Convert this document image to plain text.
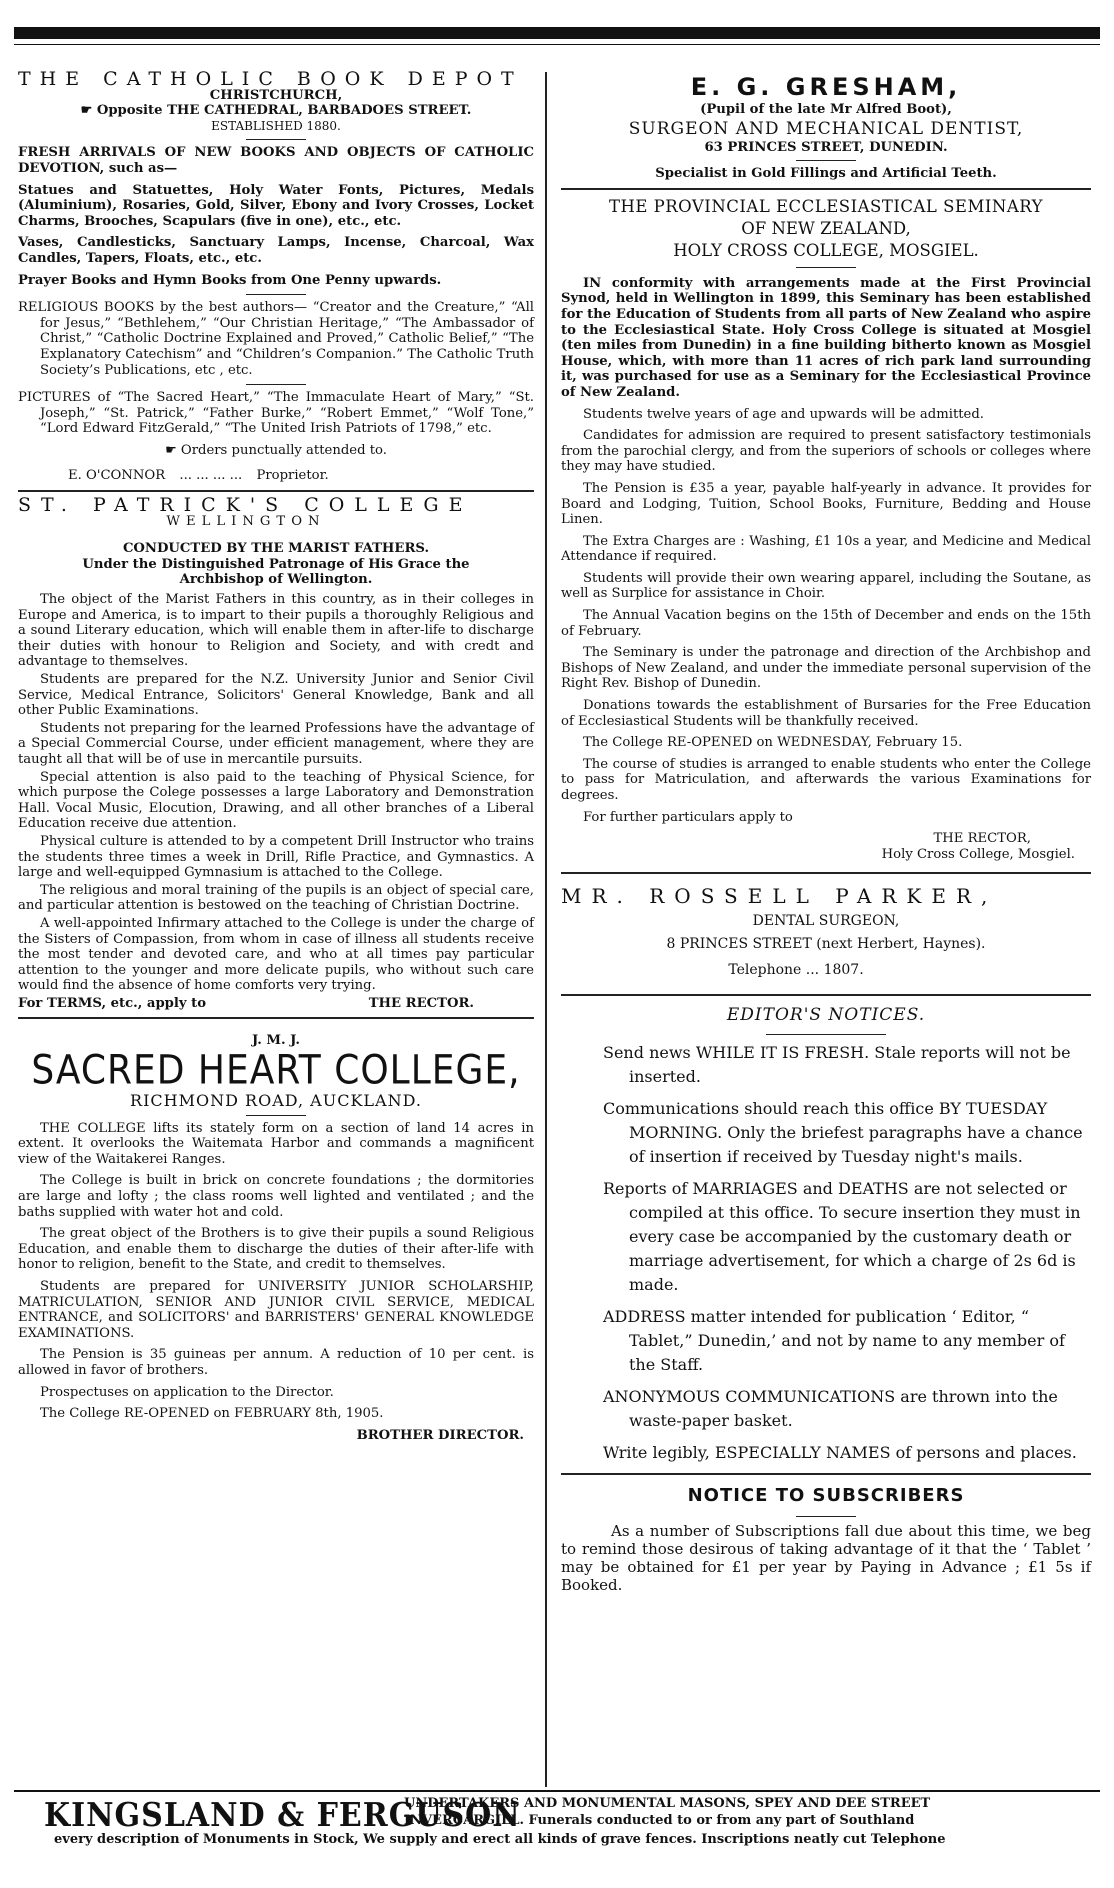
THE CATHOLIC BOOK DEPOT
CHRISTCHURCH,
☛ Opposite THE CATHEDRAL, BARBADOES STREET.
ESTABLISHED 1880.

FRESH ARRIVALS OF NEW BOOKS AND OBJECTS OF CATHOLIC DEVOTION, such as—

Statues and Statuettes, Holy Water Fonts, Pictures, Medals (Aluminium), Rosaries, Gold, Silver, Ebony and Ivory Crosses, Locket Charms, Brooches, Scapulars (five in one), etc., etc.

Vases, Candlesticks, Sanctuary Lamps, Incense, Charcoal, Wax Candles, Tapers, Floats, etc., etc.

Prayer Books and Hymn Books from One Penny upwards.

RELIGIOUS BOOKS by the best authors— “Creator and the Creature,” “All for Jesus,” “Bethlehem,” “Our Christian Heritage,” “The Ambassador of Christ,” “Catholic Doctrine Explained and Proved,” Catholic Belief,” “The Explanatory Catechism” and “Children’s Companion.” The Catholic Truth Society’s Publications, etc , etc.

PICTURES of “The Sacred Heart,” “The Immaculate Heart of Mary,” “St. Joseph,” “St. Patrick,” “Father Burke,” “Robert Emmet,” “Wolf Tone,” “Lord Edward FitzGerald,” “The United Irish Patriots of 1798,” etc.

☛ Orders punctually attended to.
E. O'CONNOR ... ... ... ... Proprietor.
ST. PATRICK'S COLLEGE
WELLINGTON
CONDUCTED BY THE MARIST FATHERS.

Under the Distinguished Patronage of His Grace the Archbishop of Wellington.

The object of the Marist Fathers in this country, as in their colleges in Europe and America, is to impart to their pupils a thoroughly Religious and a sound Literary education, which will enable them in after-life to discharge their duties with honour to Religion and Society, and with credt and advantage to themselves.

Students are prepared for the N.Z. University Junior and Senior Civil Service, Medical Entrance, Solicitors' General Knowledge, Bank and all other Public Examinations.

Students not preparing for the learned Professions have the advantage of a Special Commercial Course, under efficient management, where they are taught all that will be of use in mercantile pursuits.

Special attention is also paid to the teaching of Physical Science, for which purpose the Colege possesses a large Laboratory and Demonstration Hall. Vocal Music, Elocution, Drawing, and all other branches of a Liberal Education receive due attention.

Physical culture is attended to by a competent Drill Instructor who trains the students three times a week in Drill, Rifle Practice, and Gymnastics. A large and well-equipped Gymnasium is attached to the College.

The religious and moral training of the pupils is an object of special care, and particular attention is bestowed on the teaching of Christian Doctrine.

A well-appointed Infirmary attached to the College is under the charge of the Sisters of Compassion, from whom in case of illness all students receive the most tender and devoted care, and who at all times pay particular attention to the younger and more delicate pupils, who without such care would find the absence of home comforts very trying.

For TERMS, etc., apply to	THE RECTOR.
J. M. J.
SACRED HEART COLLEGE,
RICHMOND ROAD, AUCKLAND.

THE COLLEGE lifts its stately form on a section of land 14 acres in extent. It overlooks the Waitemata Harbor and commands a magnificent view of the Waitakerei Ranges.

The College is built in brick on concrete foundations ; the dormitories are large and lofty ; the class rooms well lighted and ventilated ; and the baths supplied with water hot and cold.

The great object of the Brothers is to give their pupils a sound Religious Education, and enable them to discharge the duties of their after-life with honor to religion, benefit to the State, and credit to themselves.

Students are prepared for UNIVERSITY JUNIOR SCHOLARSHIP, MATRICULATION, SENIOR AND JUNIOR CIVIL SERVICE, MEDICAL ENTRANCE, and SOLICITORS' and BARRISTERS' GENERAL KNOWLEDGE EXAMINATIONS.

The Pension is 35 guineas per annum. A reduction of 10 per cent. is allowed in favor of brothers.

Prospectuses on application to the Director.

The College RE-OPENED on FEBRUARY 8th, 1905.

BROTHER DIRECTOR.
E. G. GRESHAM,
(Pupil of the late Mr Alfred Boot),
SURGEON AND MECHANICAL DENTIST,
63 PRINCES STREET, DUNEDIN.
Specialist in Gold Fillings and Artificial Teeth.
THE PROVINCIAL ECCLESIASTICAL SEMINARY
OF NEW ZEALAND,
HOLY CROSS COLLEGE, MOSGIEL.

IN conformity with arrangements made at the First Provincial Synod, held in Wellington in 1899, this Seminary has been established for the Education of Students from all parts of New Zealand who aspire to the Ecclesiastical State. Holy Cross College is situated at Mosgiel (ten miles from Dunedin) in a fine building bitherto known as Mosgiel House, which, with more than 11 acres of rich park land surrounding it, was purchased for use as a Seminary for the Ecclesiastical Province of New Zealand.

Students twelve years of age and upwards will be admitted.

Candidates for admission are required to present satisfactory testimonials from the parochial clergy, and from the superiors of schools or colleges where they may have studied.

The Pension is £35 a year, payable half-yearly in advance. It provides for Board and Lodging, Tuition, School Books, Furniture, Bedding and House Linen.

The Extra Charges are : Washing, £1 10s a year, and Medicine and Medical Attendance if required.

Students will provide their own wearing apparel, including the Soutane, as well as Surplice for assistance in Choir.

The Annual Vacation begins on the 15th of December and ends on the 15th of February.

The Seminary is under the patronage and direction of the Archbishop and Bishops of New Zealand, and under the immediate personal supervision of the Right Rev. Bishop of Dunedin.

Donations towards the establishment of Bursaries for the Free Education of Ecclesiastical Students will be thankfully received.

The College RE-OPENED on WEDNESDAY, February 15.

The course of studies is arranged to enable students who enter the College to pass for Matriculation, and afterwards the various Examinations for degrees.

For further particulars apply to

THE RECTOR,
Holy Cross College, Mosgiel.
MR. ROSSELL PARKER,
DENTAL SURGEON,
8 PRINCES STREET (next Herbert, Haynes).
Telephone ... 1807.
EDITOR'S NOTICES.

Send news WHILE IT IS FRESH. Stale reports will not be inserted.

Communications should reach this office BY TUESDAY MORNING. Only the briefest paragraphs have a chance of insertion if received by Tuesday night's mails.

Reports of MARRIAGES and DEATHS are not selected or compiled at this office. To secure insertion they must in every case be accompanied by the customary death or marriage advertisement, for which a charge of 2s 6d is made.

ADDRESS matter intended for publication ‘ Editor, “ Tablet,” Dunedin,’ and not by name to any member of the Staff.

ANONYMOUS COMMUNICATIONS are thrown into the waste-paper basket.

Write legibly, ESPECIALLY NAMES of persons and places.

NOTICE TO SUBSCRIBERS

As a number of Subscriptions fall due about this time, we beg to remind those desirous of taking advantage of it that the ‘ Tablet ’ may be obtained for £1 per year by Paying in Advance ; £1 5s if Booked.

KINGSLAND & FERGUSON
UNDERTAKERS AND MONUMENTAL MASONS, SPEY AND DEE STREET
INVERCARGILL. Funerals conducted to or from any part of Southland
every description of Monuments in Stock, We supply and erect all kinds of grave fences. Inscriptions neatly cut Telephone
